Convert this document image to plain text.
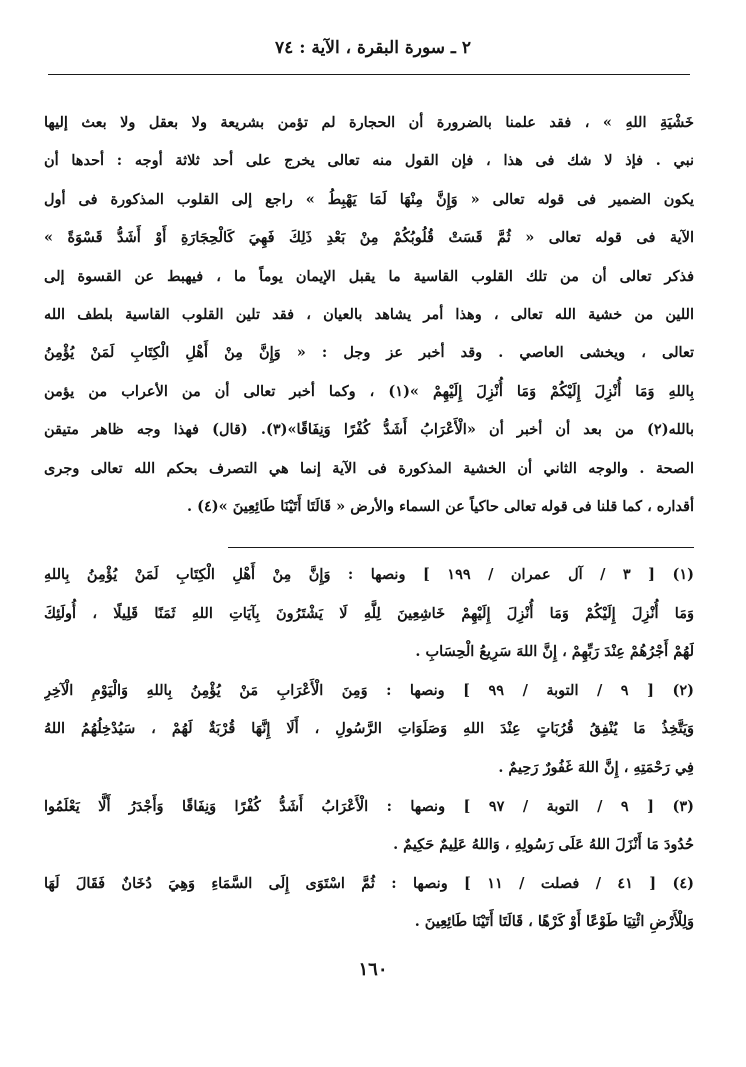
٢ ـ سورة البقرة ، الآية : ٧٤
خَشْيَةِ اللهِ » ، فقد علمنا بالضرورة أن الحجارة لم تؤمن بشريعة ولا بعقل ولا بعث إليها
نبي . فإذ لا شك فى هذا ، فإن القول منه تعالى يخرج على أحد ثلاثة أوجه : أحدها أن
يكون الضمير فى قوله تعالى « وَإِنَّ مِنْهَا لَمَا يَهْبِطُ » راجع إلى القلوب المذكورة فى أول
الآية فى قوله تعالى « ثُمَّ قَسَتْ قُلُوبُكُمْ مِنْ بَعْدِ ذَلِكَ فَهِيَ كَالْحِجَارَةِ أَوْ أَشَدُّ قَسْوَةً »
فذكر تعالى أن من تلك القلوب القاسية ما يقبل الإيمان يوماً ما ، فيهبط عن القسوة إلى
اللين من خشية الله تعالى ، وهذا أمر يشاهد بالعيان ، فقد تلين القلوب القاسية بلطف الله
تعالى ، ويخشى العاصي . وقد أخبر عز وجل : « وَإِنَّ مِنْ أَهْلِ الْكِتَابِ لَمَنْ يُؤْمِنُ
بِاللهِ وَمَا أُنْزِلَ إِلَيْكُمْ وَمَا أُنْزِلَ إِلَيْهِمْ »(١) ، وكما أخبر تعالى أن من الأعراب من يؤمن
بالله(٢) من بعد أن أخبر أن «الْأَعْرَابُ أَشَدُّ كُفْرًا وَنِفَاقًا»(٣). (قال) فهذا وجه ظاهر متيقن
الصحة . والوجه الثاني أن الخشية المذكورة فى الآية إنما هي التصرف بحكم الله تعالى وجرى
أقداره ، كما قلنا فى قوله تعالى حاكياً عن السماء والأرض « قَالَتَا أَتَيْنَا طَائِعِينَ »(٤) .
(١) [ ٣ / آل عمران / ١٩٩ ] ونصها : وَإِنَّ مِنْ أَهْلِ الْكِتَابِ لَمَنْ يُؤْمِنُ بِاللهِ
وَمَا أُنْزِلَ إِلَيْكُمْ وَمَا أُنْزِلَ إِلَيْهِمْ خَاشِعِينَ لِلَّهِ لَا يَشْتَرُونَ بِآيَاتِ اللهِ ثَمَنًا قَلِيلًا ، أُولَئِكَ
لَهُمْ أَجْرُهُمْ عِنْدَ رَبِّهِمْ ، إِنَّ اللهَ سَرِيعُ الْحِسَابِ .
(٢) [ ٩ / التوبة / ٩٩ ] ونصها : وَمِنَ الْأَعْرَابِ مَنْ يُؤْمِنُ بِاللهِ وَالْيَوْمِ الْآخِرِ
وَيَتَّخِذُ مَا يُنْفِقُ قُرُبَاتٍ عِنْدَ اللهِ وَصَلَوَاتِ الرَّسُولِ ، أَلَا إِنَّهَا قُرْبَةٌ لَهُمْ ، سَيُدْخِلُهُمُ اللهُ
فِي رَحْمَتِهِ ، إِنَّ اللهَ غَفُورٌ رَحِيمٌ .
(٣) [ ٩ / التوبة / ٩٧ ] ونصها : الْأَعْرَابُ أَشَدُّ كُفْرًا وَنِفَاقًا وَأَجْدَرُ أَلَّا يَعْلَمُوا
حُدُودَ مَا أَنْزَلَ اللهُ عَلَى رَسُولِهِ ، وَاللهُ عَلِيمٌ حَكِيمٌ .
(٤) [ ٤١ / فصلت / ١١ ] ونصها : ثُمَّ اسْتَوَى إِلَى السَّمَاءِ وَهِيَ دُخَانٌ فَقَالَ لَهَا
وَلِلْأَرْضِ ائْتِيَا طَوْعًا أَوْ كَرْهًا ، قَالَتَا أَتَيْنَا طَائِعِينَ .
١٦٠
